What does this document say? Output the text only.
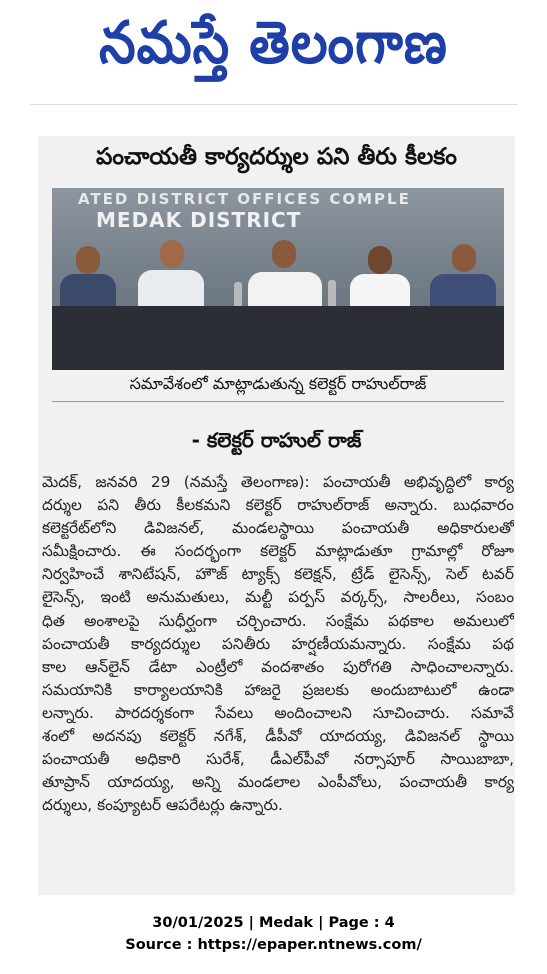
నమస్తే తెలంగాణ
పంచాయతీ కార్యదర్శుల పని తీరు కీలకం
ATED DISTRICT OFFICES COMPLE
MEDAK DISTRICT
సమావేశంలో మాట్లాడుతున్న కలెక్టర్ రాహుల్‌రాజ్
- కలెక్టర్ రాహుల్ రాజ్
మెదక్, జనవరి 29 (నమస్తే తెలంగాణ): పంచాయతీ అభివృద్ధిలో కార్య
దర్శుల పని తీరు కీలకమని కలెక్టర్ రాహుల్‌రాజ్ అన్నారు. బుధవారం
కలెక్టరేట్‌లోని డివిజనల్, మండలస్థాయి పంచాయతీ అధికారులతో
సమీక్షించారు. ఈ సందర్భంగా కలెక్టర్ మాట్లాడుతూ గ్రామాల్లో రోజూ
నిర్వహించే శానిటేషన్, హౌజ్ ట్యాక్స్ కలెక్షన్, ట్రేడ్ లైసెన్స్, సెల్ టవర్
లైసెన్స్, ఇంటి అనుమతులు, మల్టీ పర్పస్ వర్కర్స్, సాలరీలు, సంబం
ధిత అంశాలపై సుధీర్ఘంగా చర్చించారు. సంక్షేమ పథకాల అమలులో
పంచాయతీ కార్యదర్శుల పనితీరు హర్షణీయమన్నారు. సంక్షేమ పథ
కాల ఆన్‌లైన్ డేటా ఎంట్రీలో వందశాతం పురోగతి సాధించాలన్నారు.
సమయానికి కార్యాలయానికి హాజరై ప్రజలకు అందుబాటులో ఉండా
లన్నారు. పారదర్శకంగా సేవలు అందించాలని సూచించారు. సమావే
శంలో అదనపు కలెక్టర్ నగేశ్, డీపీవో యాదయ్య, డివిజనల్ స్థాయి
పంచాయతీ అధికారి సురేశ్, డీఎల్‌పీవో నర్సాపూర్ సాయిబాబా,
తూప్రాన్ యాదయ్య, అన్ని మండలాల ఎంపీవోలు, పంచాయతీ కార్య
దర్శులు, కంప్యూటర్ ఆపరేటర్లు ఉన్నారు.
30/01/2025 | Medak | Page : 4
Source : https://epaper.ntnews.com/
